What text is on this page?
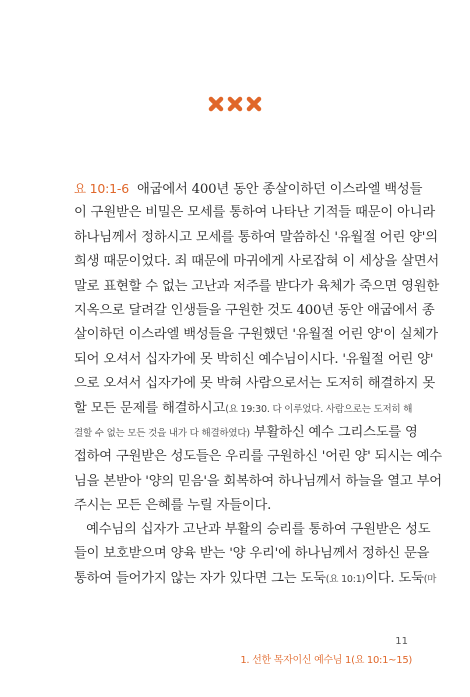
요 10:1-6 애굽에서 400년 동안 종살이하던 이스라엘 백성들
이 구원받은 비밀은 모세를 통하여 나타난 기적들 때문이 아니라
하나님께서 정하시고 모세를 통하여 말씀하신 '유월절 어린 양'의
희생 때문이었다. 죄 때문에 마귀에게 사로잡혀 이 세상을 살면서
말로 표현할 수 없는 고난과 저주를 받다가 육체가 죽으면 영원한
지옥으로 달려갈 인생들을 구원한 것도 400년 동안 애굽에서 종
살이하던 이스라엘 백성들을 구원했던 '유월절 어린 양'이 실체가
되어 오셔서 십자가에 못 박히신 예수님이시다. '유월절 어린 양'
으로 오셔서 십자가에 못 박혀 사람으로서는 도저히 해결하지 못
할 모든 문제를 해결하시고(요 19:30. 다 이루었다. 사람으로는 도저히 해
결할 수 없는 모든 것을 내가 다 해결하였다) 부활하신 예수 그리스도를 영
접하여 구원받은 성도들은 우리를 구원하신 '어린 양' 되시는 예수
님을 본받아 '양의 믿음'을 회복하여 하나님께서 하늘을 열고 부어
주시는 모든 은혜를 누릴 자들이다.
예수님의 십자가 고난과 부활의 승리를 통하여 구원받은 성도
들이 보호받으며 양육 받는 '양 우리'에 하나님께서 정하신 문을
통하여 들어가지 않는 자가 있다면 그는 도둑(요 10:1)이다. 도둑(마
11
1. 선한 목자이신 예수님 1(요 10:1~15)
